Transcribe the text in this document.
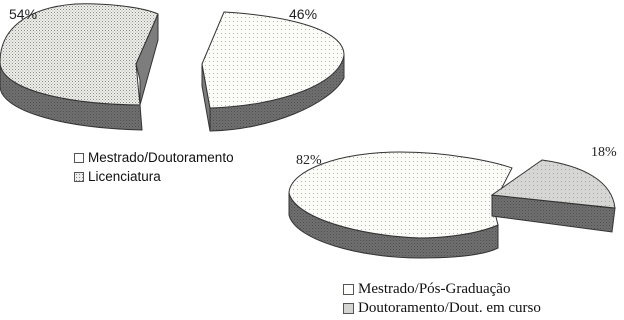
54%	46%
82%
18%
Mestrado/Doutoramento
Licenciatura
Mestrado/Pós-Graduação
Doutoramento/Dout. em curso
